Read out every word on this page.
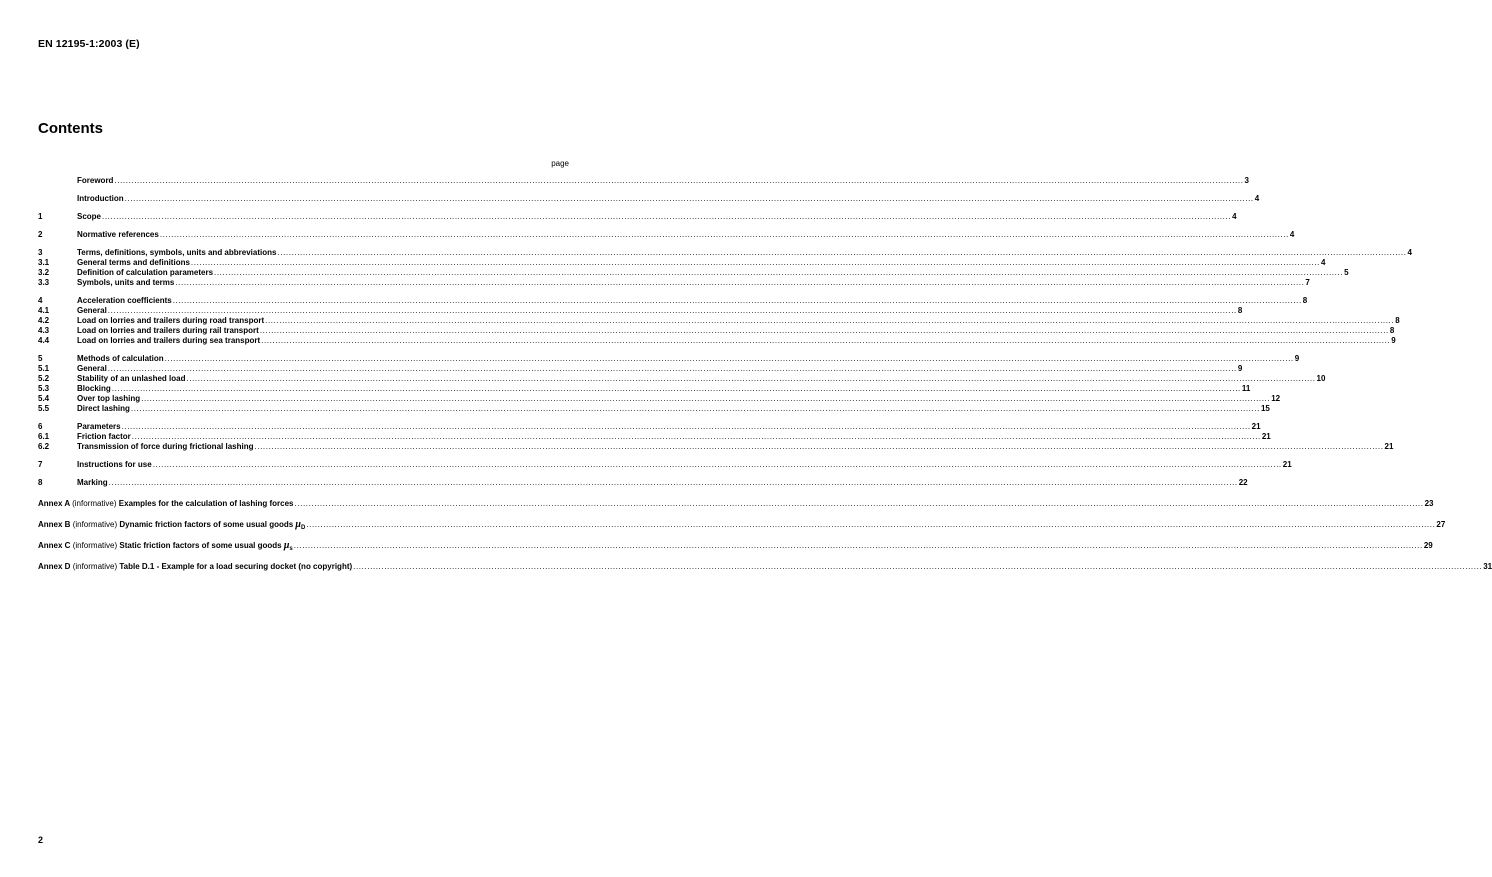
EN 12195-1:2003 (E)
Contents
page
Foreword ................................................................................................................................................................................................................................................................................................................................................................................................................ 3
Introduction ................................................................................................................................................................................................................................................................................................................................................................................................................ 4
1	Scope ................................................................................................................................................................................................................................................................................................................................................................................................................ 4
2	Normative references ................................................................................................................................................................................................................................................................................................................................................................................................................ 4
3	Terms, definitions, symbols, units and abbreviations ................................................................................................................................................................................................................................................................................................................................................................................................................ 4
3.1	General terms and definitions ................................................................................................................................................................................................................................................................................................................................................................................................................ 4
3.2	Definition of calculation parameters ................................................................................................................................................................................................................................................................................................................................................................................................................ 5
3.3	Symbols, units and terms ................................................................................................................................................................................................................................................................................................................................................................................................................ 7
4	Acceleration coefficients ................................................................................................................................................................................................................................................................................................................................................................................................................ 8
4.1	General ................................................................................................................................................................................................................................................................................................................................................................................................................ 8
4.2	Load on lorries and trailers during road transport ................................................................................................................................................................................................................................................................................................................................................................................................................ 8
4.3	Load on lorries and trailers during rail transport ................................................................................................................................................................................................................................................................................................................................................................................................................ 8
4.4	Load on lorries and trailers during sea transport ................................................................................................................................................................................................................................................................................................................................................................................................................ 9
5	Methods of calculation ................................................................................................................................................................................................................................................................................................................................................................................................................ 9
5.1	General ................................................................................................................................................................................................................................................................................................................................................................................................................ 9
5.2	Stability of an unlashed load ................................................................................................................................................................................................................................................................................................................................................................................................................ 10
5.3	Blocking ................................................................................................................................................................................................................................................................................................................................................................................................................ 11
5.4	Over top lashing ................................................................................................................................................................................................................................................................................................................................................................................................................ 12
5.5	Direct lashing ................................................................................................................................................................................................................................................................................................................................................................................................................ 15
6	Parameters ................................................................................................................................................................................................................................................................................................................................................................................................................ 21
6.1	Friction factor ................................................................................................................................................................................................................................................................................................................................................................................................................ 21
6.2	Transmission of force during frictional lashing ................................................................................................................................................................................................................................................................................................................................................................................................................ 21
7	Instructions for use ................................................................................................................................................................................................................................................................................................................................................................................................................ 21
8	Marking ................................................................................................................................................................................................................................................................................................................................................................................................................ 22
Annex A (informative) Examples for the calculation of lashing forces ................................................................................................................................................................................................................................................................................................................................................................................................................ 23
Annex B (informative) Dynamic friction factors of some usual goods $\mu_D$ ................................................................................................................................................................................................................................................................................................................................................................................................................ 27
Annex C (informative) Static friction factors of some usual goods $\mu_s$ ................................................................................................................................................................................................................................................................................................................................................................................................................ 29
Annex D (informative) Table D.1 - Example for a load securing docket (no copyright) ................................................................................................................................................................................................................................................................................................................................................................................................................ 31
2
